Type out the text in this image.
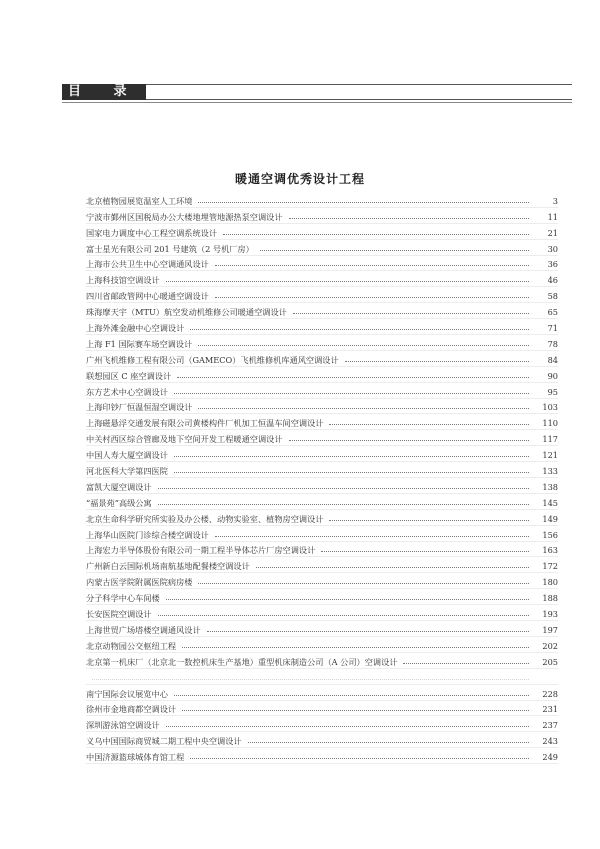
目 录
暖通空调优秀设计工程
北京植物园展览温室人工环境	3
宁波市鄞州区国税局办公大楼地埋管地源热泵空调设计	11
国家电力调度中心工程空调系统设计	21
富士星光有限公司 201 号建筑（2 号机厂房）	30
上海市公共卫生中心空调通风设计	36
上海科技馆空调设计	46
四川省邮政管网中心暖通空调设计	58
珠海摩天宇（MTU）航空发动机维修公司暖通空调设计	65
上海外滩金融中心空调设计	71
上海 F1 国际赛车场空调设计	78
广州飞机维修工程有限公司（GAMECO）飞机维修机库通风空调设计	84
联想园区 C 座空调设计	90
东方艺术中心空调设计	95
上海印钞厂恒温恒湿空调设计	103
上海磁悬浮交通发展有限公司黄楼构件厂机加工恒温车间空调设计	110
中关村西区综合管廊及地下空间开发工程暖通空调设计	117
中国人寿大厦空调设计	121
河北医科大学第四医院	133
富凯大厦空调设计	138
“福景苑”高级公寓	145
北京生命科学研究所实验及办公楼、动物实验室、植物房空调设计	149
上海华山医院门诊综合楼空调设计	156
上海宏力半导体股份有限公司一期工程半导体芯片厂房空调设计	163
广州新白云国际机场南航基地配餐楼空调设计	172
内蒙古医学院附属医院病房楼	180
分子科学中心车间楼	188
长安医院空调设计	193
上海世贸广场塔楼空调通风设计	197
北京动物园公交枢纽工程	202
北京第一机床厂（北京北一数控机床生产基地）重型机床制造公司（A 公司）空调设计	205
南宁国际会议展览中心	228
徐州市金地商都空调设计	231
深圳游泳馆空调设计	237
义乌中国国际商贸城二期工程中央空调设计	243
中国济源篮球城体育馆工程	249
